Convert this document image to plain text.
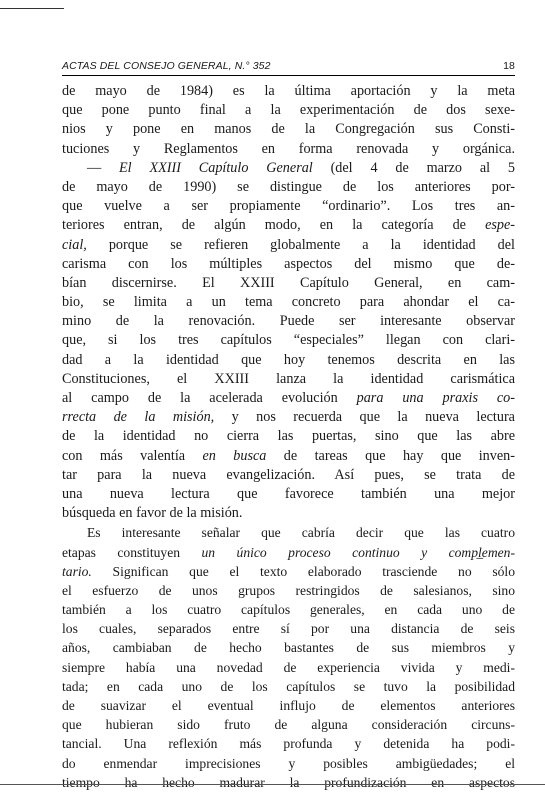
ACTAS DEL CONSEJO GENERAL, N.° 352	18
de mayo de 1984) es la última aportación y la meta
que pone punto final a la experimentación de dos sexe-
nios y pone en manos de la Congregación sus Consti-
tuciones y Reglamentos en forma renovada y orgánica.
— El XXIII Capítulo General (del 4 de marzo al 5
de mayo de 1990) se distingue de los anteriores por-
que vuelve a ser propiamente “ordinario”. Los tres an-
teriores entran, de algún modo, en la categoría de espe-
cial, porque se refieren globalmente a la identidad del
carisma con los múltiples aspectos del mismo que de-
bían discernirse. El XXIII Capítulo General, en cam-
bio, se limita a un tema concreto para ahondar el ca-
mino de la renovación. Puede ser interesante observar
que, si los tres capítulos “especiales” llegan con clari-
dad a la identidad que hoy tenemos descrita en las
Constituciones, el XXIII lanza la identidad carismática
al campo de la acelerada evolución para una praxis co-
rrecta de la misión, y nos recuerda que la nueva lectura
de la identidad no cierra las puertas, sino que las abre
con más valentía en busca de tareas que hay que inven-
tar para la nueva evangelización. Así pues, se trata de
una nueva lectura que favorece también una mejor
búsqueda en favor de la misión.
Es interesante señalar que cabría decir que las cuatro
etapas constituyen un único proceso continuo y compl̲emen-
tario. Significan que el texto elaborado trasciende no sólo
el esfuerzo de unos grupos restringidos de salesianos, sino
también a los cuatro capítulos generales, en cada uno de
los cuales, separados entre sí por una distancia de seis
años, cambiaban de hecho bastantes de sus miembros y
siempre había una novedad de experiencia vivida y medi-
tada; en cada uno de los capítulos se tuvo la posibilidad
de suavizar el eventual influjo de elementos anteriores
que hubieran sido fruto de alguna consideración circuns-
tancial. Una reflexión más profunda y detenida ha podi-
do enmendar imprecisiones y posibles ambigüedades; el
tiempo ha hecho madurar la profundización en aspectos
